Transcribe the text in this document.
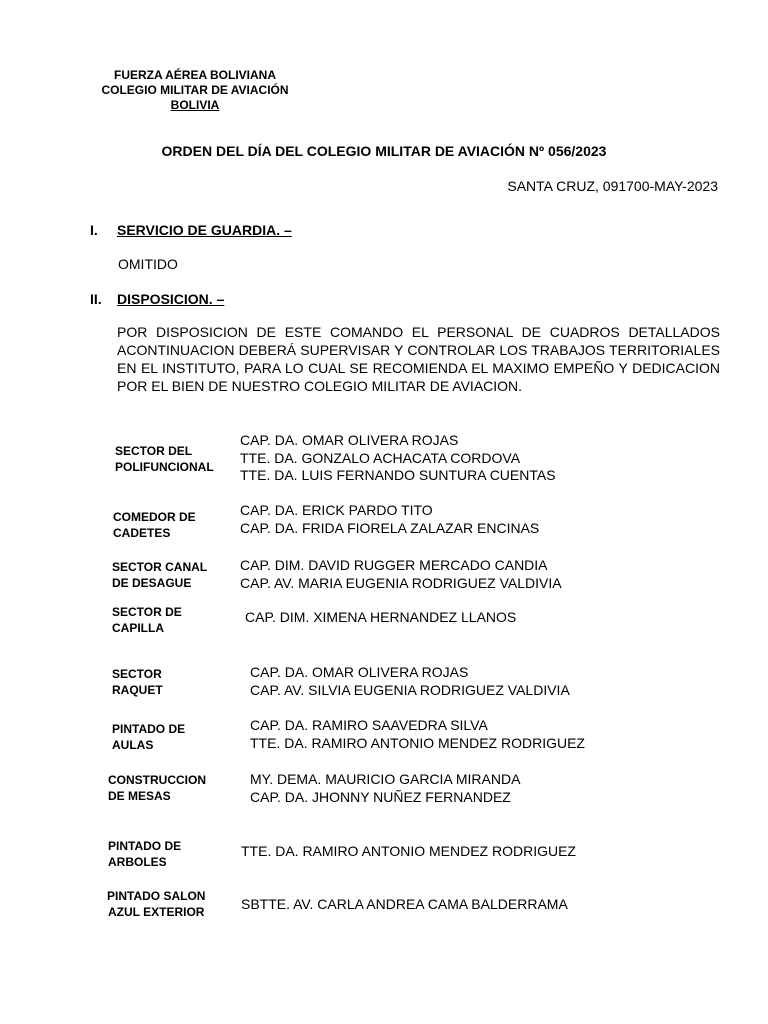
FUERZA AÉREA BOLIVIANA
COLEGIO MILITAR DE AVIACIÓN
BOLIVIA
ORDEN DEL DÍA DEL COLEGIO MILITAR DE AVIACIÓN Nº 056/2023
SANTA CRUZ, 091700-MAY-2023
I. SERVICIO DE GUARDIA. –
OMITIDO
II. DISPOSICION. –
POR DISPOSICION DE ESTE COMANDO EL PERSONAL DE CUADROS DETALLADOS ACONTINUACION DEBERÁ SUPERVISAR Y CONTROLAR LOS TRABAJOS TERRITORIALES EN EL INSTITUTO, PARA LO CUAL SE RECOMIENDA EL MAXIMO EMPEÑO Y DEDICACION POR EL BIEN DE NUESTRO COLEGIO MILITAR DE AVIACION.
SECTOR DEL
POLIFUNCIONAL
CAP. DA. OMAR OLIVERA ROJAS
TTE. DA. GONZALO ACHACATA CORDOVA
TTE. DA. LUIS FERNANDO SUNTURA CUENTAS
COMEDOR DE
CADETES
CAP. DA. ERICK PARDO TITO
CAP. DA. FRIDA FIORELA ZALAZAR ENCINAS
SECTOR CANAL
DE DESAGUE
CAP. DIM. DAVID RUGGER MERCADO CANDIA
CAP. AV. MARIA EUGENIA RODRIGUEZ VALDIVIA
SECTOR DE
CAPILLA
CAP. DIM. XIMENA HERNANDEZ LLANOS
SECTOR
RAQUET
CAP. DA. OMAR OLIVERA ROJAS
CAP. AV. SILVIA EUGENIA RODRIGUEZ VALDIVIA
PINTADO DE
AULAS
CAP. DA. RAMIRO SAAVEDRA SILVA
TTE. DA. RAMIRO ANTONIO MENDEZ RODRIGUEZ
CONSTRUCCION
DE MESAS
MY. DEMA. MAURICIO GARCIA MIRANDA
CAP. DA. JHONNY NUÑEZ FERNANDEZ
PINTADO DE
ARBOLES
TTE. DA. RAMIRO ANTONIO MENDEZ RODRIGUEZ
PINTADO SALON
AZUL EXTERIOR	SBTTE. AV. CARLA ANDREA CAMA BALDERRAMA
